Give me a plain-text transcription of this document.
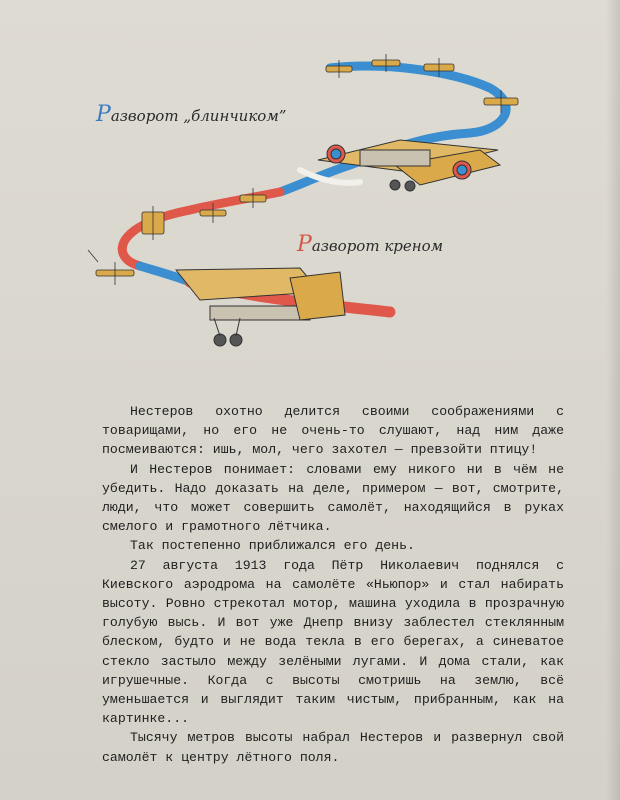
Разворот „блинчиком”
Разворот креном

Нестеров охотно делится своими соображениями с товарищами, но его не очень-то слушают, над ним даже посмеиваются: ишь, мол, чего захотел — превзойти птицу!

И Нестеров понимает: словами ему никого ни в чём не убедить. Надо доказать на деле, примером — вот, смотрите, люди, что может совершить самолёт, находящийся в руках смелого и грамотного лётчика.

Так постепенно приближался его день.

27 августа 1913 года Пётр Николаевич поднялся с Киевского аэродрома на самолёте «Ньюпор» и стал набирать высоту. Ровно стрекотал мотор, машина уходила в прозрачную голубую высь. И вот уже Днепр внизу заблестел стеклянным блеском, будто и не вода текла в его берегах, а синеватое стекло застыло между зелёными лугами. И дома стали, как игрушечные. Когда с высоты смотришь на землю, всё уменьшается и выглядит таким чистым, прибранным, как на картинке...

Тысячу метров высоты набрал Нестеров и развернул свой самолёт к центру лётного поля.
